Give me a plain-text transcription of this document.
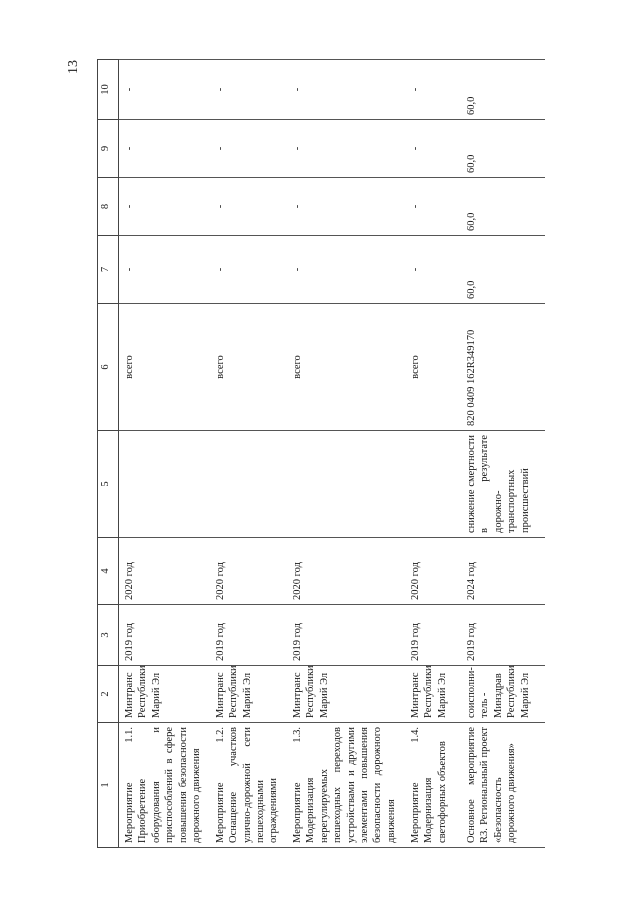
13
1	2	3	4	5	6	7	8	9	10
Мероприятие 1.1. Приобретение оборудования и приспособлений в сфере повышения безопасности дорожного движения	Минтранс Республики Марий Эл	2019 год	2020 год		всего	-	-	-	-
Мероприятие 1.2. Оснащение участков улично-дорожной сети пешеходными ограждениями	Минтранс Республики Марий Эл	2019 год	2020 год		всего	-	-	-	-
Мероприятие 1.3. Модернизация нерегулируемых пешеходных переходов устройствами и другими элементами повышения безопасности дорожного движения	Минтранс Республики Марий Эл	2019 год	2020 год		всего	-	-	-	-
Мероприятие 1.4. Модернизация светофорных объектов	Минтранс Республики Марий Эл	2019 год	2020 год		всего	-	-	-	-
Основное мероприятие R3. Региональный проект «Безопасность дорожного движения»	соисполни-тель - Минздрав Республики Марий Эл	2019 год	2024 год	снижение смертности в результате дорожно-транспортных происшествий	820 0409 162R349170	60,0	60,0	60,0	60,0
